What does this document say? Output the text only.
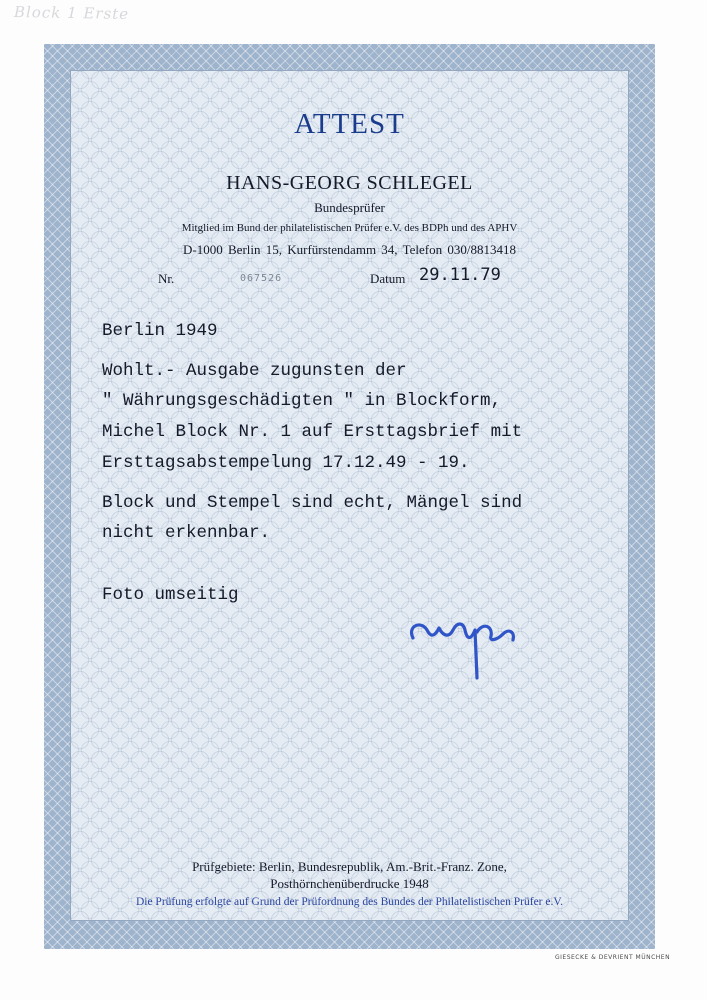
Block 1 Erste
ATTEST
HANS-GEORG SCHLEGEL
Bundesprüfer
Mitglied im Bund der philatelistischen Prüfer e.V. des BDPh und des APHV
D-1000 Berlin 15, Kurfürstendamm 34, Telefon 030/8813418
Nr.	067526	Datum 29.11.79
Berlin 1949
Wohlt.- Ausgabe zugunsten der
" Währungsgeschädigten " in Blockform,
Michel Block Nr. 1 auf Ersttagsbrief mit
Ersttagsabstempelung 17.12.49 - 19.
Block und Stempel sind echt, Mängel sind
nicht erkennbar.
Foto umseitig
Prüfgebiete: Berlin, Bundesrepublik, Am.-Brit.-Franz. Zone,
Posthörnchenüberdrucke 1948
Die Prüfung erfolgte auf Grund der Prüfordnung des Bundes der Philatelistischen Prüfer e.V.
GIESECKE & DEVRIENT MÜNCHEN
